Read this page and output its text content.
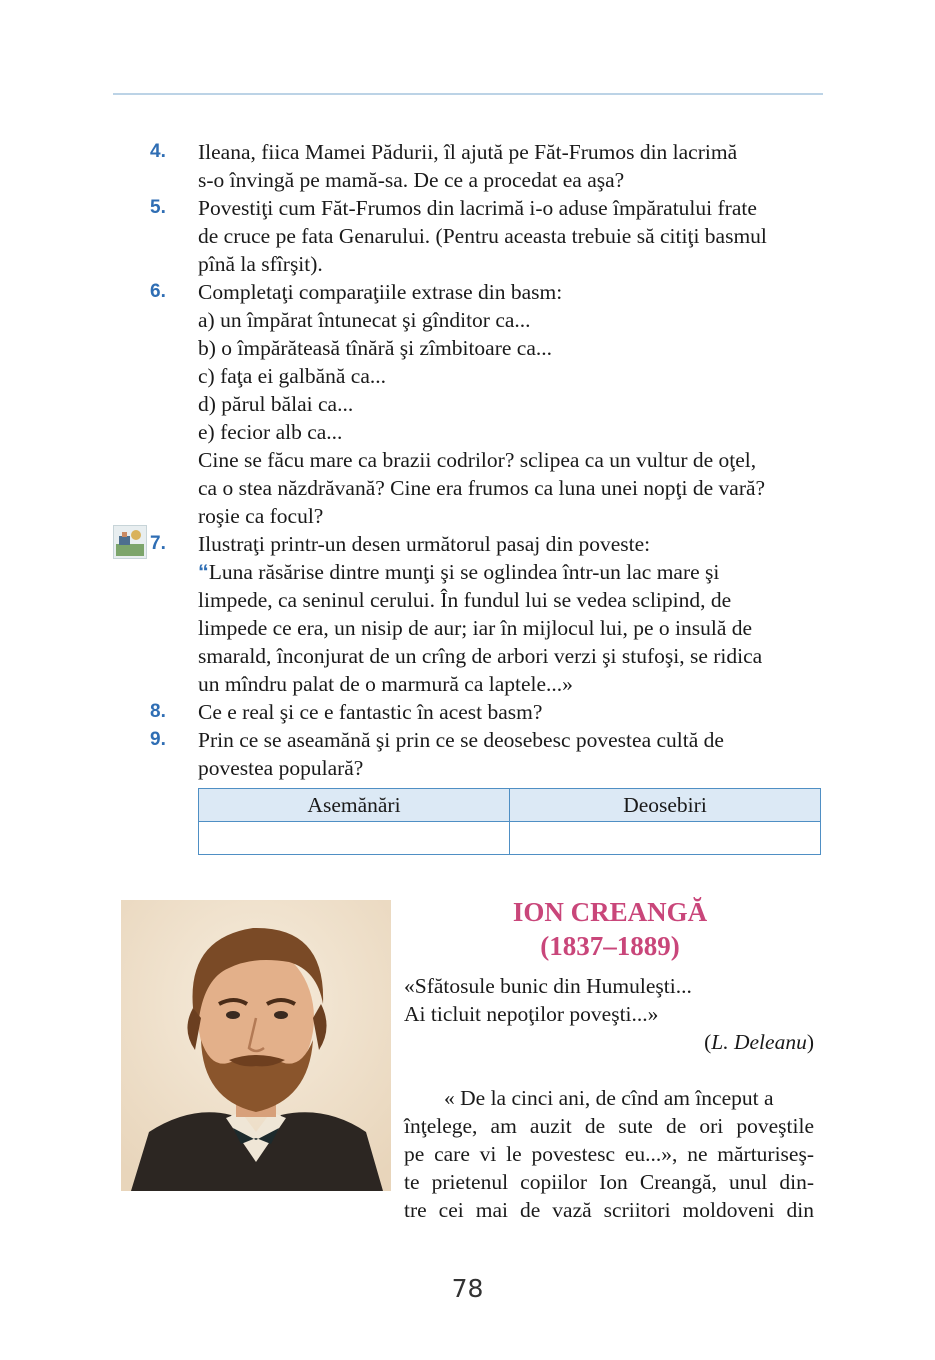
4.	Ileana, fiica Mamei Pădurii, îl ajută pe Făt-Frumos din lacrimă
s-o învingă pe mamă-sa. De ce a procedat ea aşa?
5.	Povestiţi cum Făt-Frumos din lacrimă i-o aduse împăratului frate
de cruce pe fata Genarului. (Pentru aceasta trebuie să citiţi basmul
pînă la sfîrşit).
6.	Completaţi comparaţiile extrase din basm:
a) un împărat întunecat şi gînditor ca...
b) o împărăteasă tînără şi zîmbitoare ca...
c) faţa ei galbănă ca...
d) părul bălai ca...
e) fecior alb ca...
Cine se făcu mare ca brazii codrilor? sclipea ca un vultur de oţel,
ca o stea năzdrăvană? Cine era frumos ca luna unei nopţi de vară?
roşie ca focul?
7.	Ilustraţi printr-un desen următorul pasaj din poveste:
“Luna răsărise dintre munţi şi se oglindea într-un lac mare şi
limpede, ca seninul cerului. În fundul lui se vedea sclipind, de
limpede ce era, un nisip de aur; iar în mijlocul lui, pe o insulă de
smarald, înconjurat de un crîng de arbori verzi şi stufoşi, se ridica
un mîndru palat de o marmură ca laptele...»
8.	Ce e real şi ce e fantastic în acest basm?
9.	Prin ce se aseamănă şi prin ce se deosebesc povestea cultă de
povestea populară?
Asemănări	Deosebiri

ION CREANGĂ
(1837–1889)
«Sfătosule bunic din Humuleşti...
Ai ticluit nepoţilor poveşti...»
(L. Deleanu)
« De la cinci ani, de cînd am început a
înţelege, am auzit de sute de ori poveştile
pe care vi le povestesc eu...», ne mărturiseş-
te prietenul copiilor Ion Creangă, unul din-
tre cei mai de vază scriitori moldoveni din
78
